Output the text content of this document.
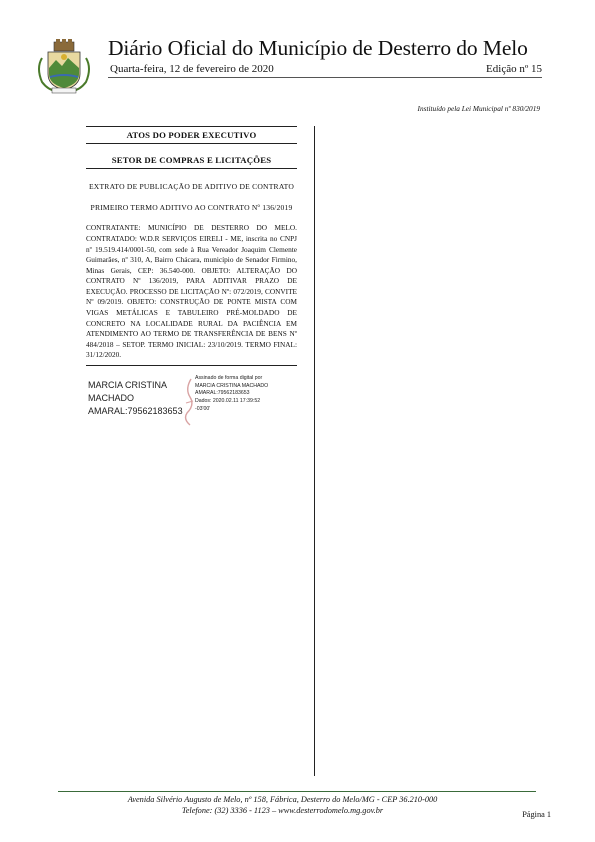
Diário Oficial do Município de Desterro do Melo
Quarta-feira, 12 de fevereiro de 2020	Edição nº 15
Instituído pela Lei Municipal nº 830/2019
ATOS DO PODER EXECUTIVO
SETOR DE COMPRAS E LICITAÇÕES
EXTRATO DE PUBLICAÇÃO DE ADITIVO DE CONTRATO
PRIMEIRO TERMO ADITIVO AO CONTRATO Nº 136/2019
CONTRATANTE: MUNICÍPIO DE DESTERRO DO MELO. CONTRATADO: W.D.R SERVIÇOS EIRELI - ME, inscrita no CNPJ nº 19.519.414/0001-50, com sede à Rua Vereador Joaquim Clemente Guimarães, nº 310, A, Bairro Chácara, município de Senador Firmino, Minas Gerais, CEP: 36.540-000. OBJETO: ALTERAÇÃO DO CONTRATO Nº 136/2019, PARA ADITIVAR PRAZO DE EXECUÇÃO. PROCESSO DE LICITAÇÃO Nº: 072/2019, CONVITE Nº 09/2019. OBJETO: CONSTRUÇÃO DE PONTE MISTA COM VIGAS METÁLICAS E TABULEIRO PRÉ-MOLDADO DE CONCRETO NA LOCALIDADE RURAL DA PACIÊNCIA EM ATENDIMENTO AO TERMO DE TRANSFERÊNCIA DE BENS Nº 484/2018 – SETOP. TERMO INICIAL: 23/10/2019. TERMO FINAL: 31/12/2020.
MARCIA CRISTINA
MACHADO
AMARAL:79562183653
Assinado de forma digital por
MARCIA CRISTINA MACHADO
AMARAL:79562183653
Dados: 2020.02.11 17:39:52
-03'00'
Avenida Silvério Augusto de Melo, nº 158, Fábrica, Desterro do Melo/MG - CEP 36.210-000
Telefone: (32) 3336 - 1123 – www.desterrodomelo.mg.gov.br	Página 1
